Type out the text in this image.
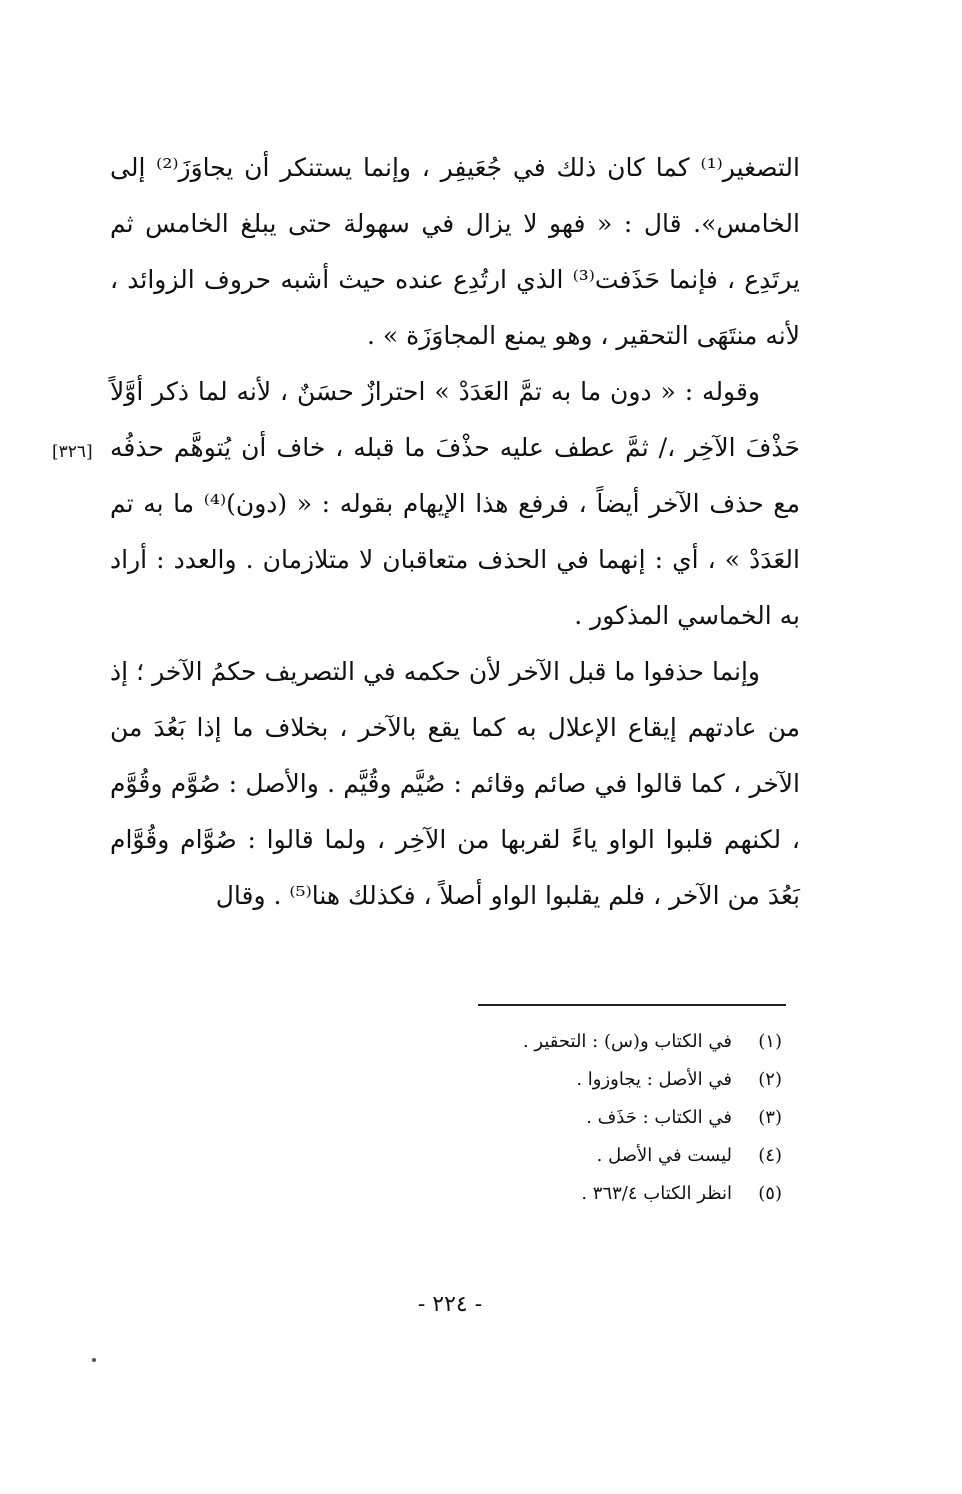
التصغير⁽¹⁾ كما كان ذلك في جُعَيفِر ، وإنما يستنكر أن يجاوَزَ⁽²⁾ إلى الخامس». قال : « فهو لا يزال في سهولة حتى يبلغ الخامس ثم يرتَدِع ، فإنما حَذَفت⁽³⁾ الذي ارتُدِع عنده حيث أشبه حروف الزوائد ، لأنه منتَهَى التحقير ، وهو يمنع المجاوَزَة » .

وقوله : « دون ما به تمَّ العَدَدْ » احترازٌ حسَنٌ ، لأنه لما ذكر أوَّلاً حَذْفَ الآخِر ،/ ثمَّ عطف عليه حذْفَ ما قبله ، خاف أن يُتوهَّم حذفُه مع حذف الآخر أيضاً ، فرفع هذا الإيهام بقوله : « (دون)⁽⁴⁾ ما به تم العَدَدْ » ، أي : إنهما في الحذف متعاقبان لا متلازمان . والعدد : أراد به الخماسي المذكور .

وإنما حذفوا ما قبل الآخر لأن حكمه في التصريف حكمُ الآخر ؛ إذ من عادتهم إيقاع الإعلال به كما يقع بالآخر ، بخلاف ما إذا بَعُدَ من الآخر ، كما قالوا في صائم وقائم : صُيَّم وقُيَّم . والأصل : صُوَّم وقُوَّم ، لكنهم قلبوا الواو ياءً لقربها من الآخِر ، ولما قالوا : صُوَّام وقُوَّام بَعُدَ من الآخر ، فلم يقلبوا الواو أصلاً ، فكذلك هنا⁽⁵⁾ . وقال

[٣٢٦]
(١)
في الكتاب و(س) : التحقير .
(٢)
في الأصل : يجاوزوا .
(٣)
في الكتاب : حَذَف .
(٤)
ليست في الأصل .
(٥)
انظر الكتاب ٣٦٣/٤ .
- ٢٢٤ -
